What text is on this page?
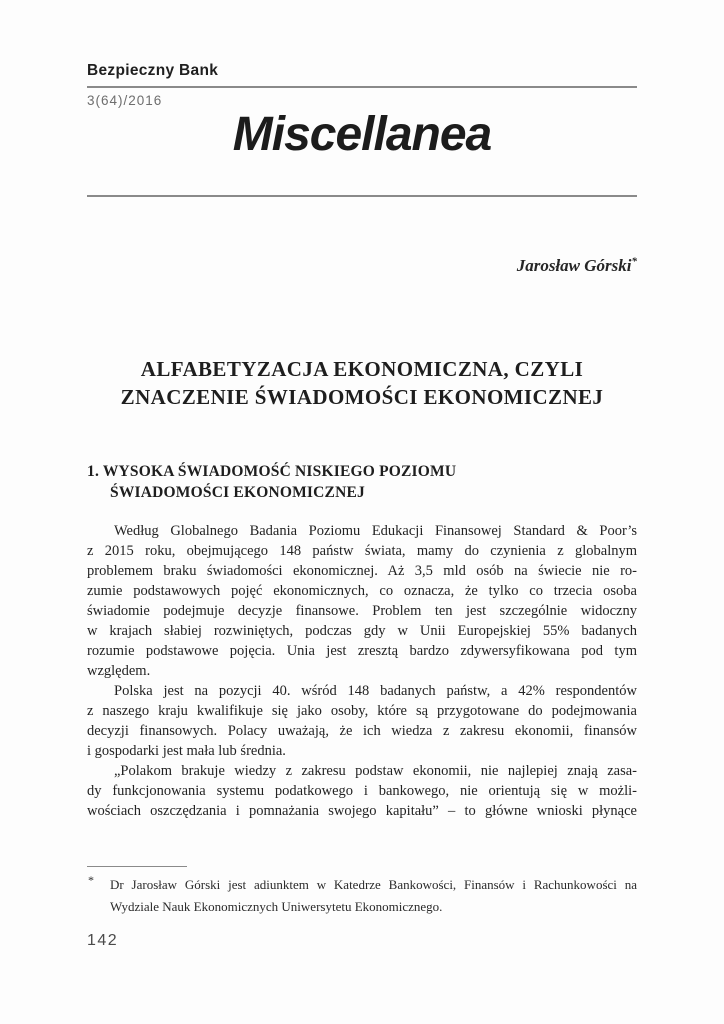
Bezpieczny Bank
3(64)/2016
Miscellanea
Jarosław Górski*
ALFABETYZACJA EKONOMICZNA, CZYLI
ZNACZENIE ŚWIADOMOŚCI EKONOMICZNEJ
1. WYSOKA ŚWIADOMOŚĆ NISKIEGO POZIOMU
ŚWIADOMOŚCI EKONOMICZNEJ
Według Globalnego Badania Poziomu Edukacji Finansowej Standard & Poor’s
z 2015 roku, obejmującego 148 państw świata, mamy do czynienia z globalnym
problemem braku świadomości ekonomicznej. Aż 3,5 mld osób na świecie nie ro-
zumie podstawowych pojęć ekonomicznych, co oznacza, że tylko co trzecia osoba
świadomie podejmuje decyzje finansowe. Problem ten jest szczególnie widoczny
w krajach słabiej rozwiniętych, podczas gdy w Unii Europejskiej 55% badanych
rozumie podstawowe pojęcia. Unia jest zresztą bardzo zdywersyfikowana pod tym
względem.
Polska jest na pozycji 40. wśród 148 badanych państw, a 42% respondentów
z naszego kraju kwalifikuje się jako osoby, które są przygotowane do podejmowania
decyzji finansowych. Polacy uważają, że ich wiedza z zakresu ekonomii, finansów
i gospodarki jest mała lub średnia.
„Polakom brakuje wiedzy z zakresu podstaw ekonomii, nie najlepiej znają zasa-
dy funkcjonowania systemu podatkowego i bankowego, nie orientują się w możli-
wościach oszczędzania i pomnażania swojego kapitału” – to główne wnioski płynące
* Dr Jarosław Górski jest adiunktem w Katedrze Bankowości, Finansów i Rachunkowości na
Wydziale Nauk Ekonomicznych Uniwersytetu Ekonomicznego.
142
